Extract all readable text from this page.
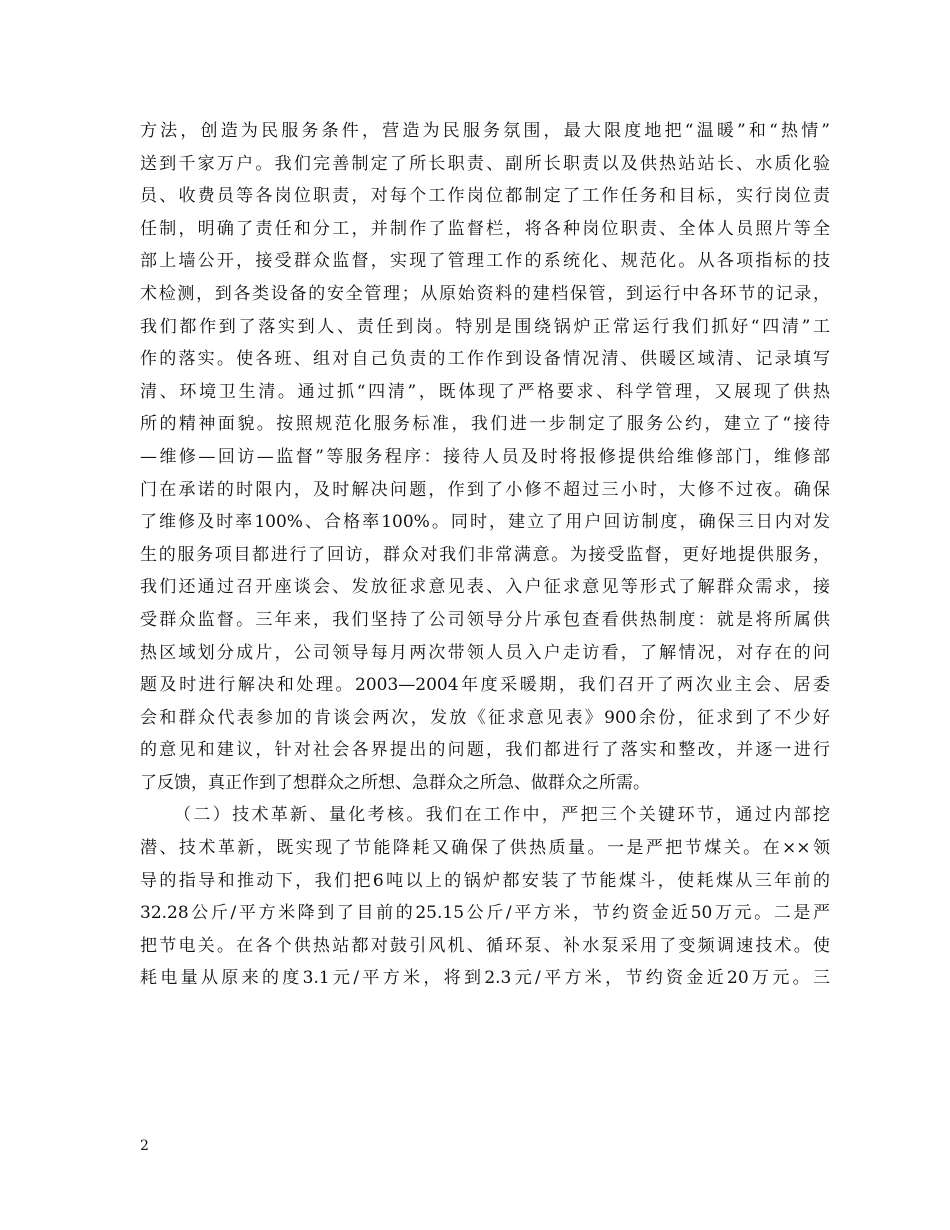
方法，创造为民服务条件，营造为民服务氛围，最大限度地把“温暖”和“热情”
送到千家万户。我们完善制定了所长职责、副所长职责以及供热站站长、水质化验
员、收费员等各岗位职责，对每个工作岗位都制定了工作任务和目标，实行岗位责
任制，明确了责任和分工，并制作了监督栏，将各种岗位职责、全体人员照片等全
部上墙公开，接受群众监督，实现了管理工作的系统化、规范化。从各项指标的技
术检测，到各类设备的安全管理；从原始资料的建档保管，到运行中各环节的记录，
我们都作到了落实到人、责任到岗。特别是围绕锅炉正常运行我们抓好“四清”工
作的落实。使各班、组对自己负责的工作作到设备情况清、供暖区域清、记录填写
清、环境卫生清。通过抓“四清”，既体现了严格要求、科学管理，又展现了供热
所的精神面貌。按照规范化服务标准，我们进一步制定了服务公约，建立了“接待
—维修—回访—监督”等服务程序：接待人员及时将报修提供给维修部门，维修部
门在承诺的时限内，及时解决问题，作到了小修不超过三小时，大修不过夜。确保
了维修及时率100%、合格率100%。同时，建立了用户回访制度，确保三日内对发
生的服务项目都进行了回访，群众对我们非常满意。为接受监督，更好地提供服务，
我们还通过召开座谈会、发放征求意见表、入户征求意见等形式了解群众需求，接
受群众监督。三年来，我们坚持了公司领导分片承包查看供热制度：就是将所属供
热区域划分成片，公司领导每月两次带领人员入户走访看，了解情况，对存在的问
题及时进行解决和处理。2003—2004年度采暖期，我们召开了两次业主会、居委
会和群众代表参加的肯谈会两次，发放《征求意见表》900余份，征求到了不少好
的意见和建议，针对社会各界提出的问题，我们都进行了落实和整改，并逐一进行
了反馈，真正作到了想群众之所想、急群众之所急、做群众之所需。
（二）技术革新、量化考核。我们在工作中，严把三个关键环节，通过内部挖
潜、技术革新，既实现了节能降耗又确保了供热质量。一是严把节煤关。在××领
导的指导和推动下，我们把6吨以上的锅炉都安装了节能煤斗，使耗煤从三年前的
32.28公斤/平方米降到了目前的25.15公斤/平方米，节约资金近50万元。二是严
把节电关。在各个供热站都对鼓引风机、循环泵、补水泵采用了变频调速技术。使
耗电量从原来的度3.1元/平方米，将到2.3元/平方米，节约资金近20万元。三
2
